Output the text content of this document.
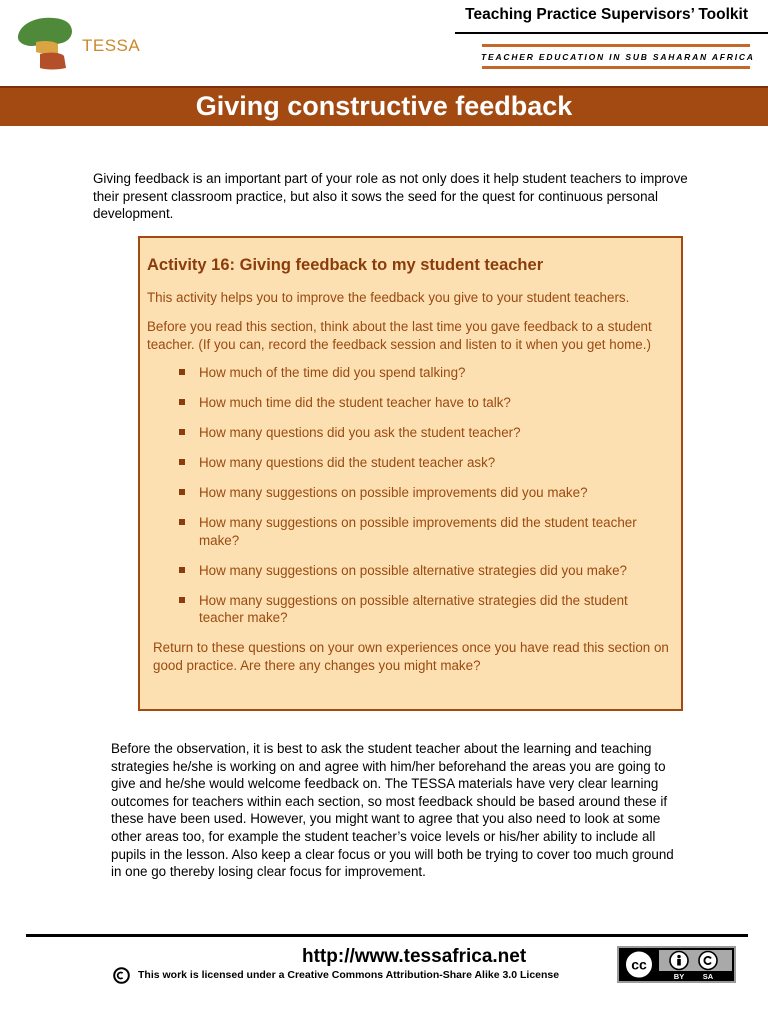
TESSA
Teaching Practice Supervisors’ Toolkit
TEACHER EDUCATION IN SUB SAHARAN AFRICA
Giving constructive feedback

Giving feedback is an important part of your role as not only does it help student teachers to improve their present classroom practice, but also it sows the seed for the quest for continuous personal development.

Activity 16: Giving feedback to my student teacher

This activity helps you to improve the feedback you give to your student teachers.

Before you read this section, think about the last time you gave feedback to a student teacher. (If you can, record the feedback session and listen to it when you get home.)

How much of the time did you spend talking?
How much time did the student teacher have to talk?
How many questions did you ask the student teacher?
How many questions did the student teacher ask?
How many suggestions on possible improvements did you make?
How many suggestions on possible improvements did the student teacher make?
How many suggestions on possible alternative strategies did you make?
How many suggestions on possible alternative strategies did the student teacher make?

Return to these questions on your own experiences once you have read this section on good practice. Are there any changes you might make?

Before the observation, it is best to ask the student teacher about the learning and teaching strategies he/she is working on and agree with him/her beforehand the areas you are going to give and he/she would welcome feedback on. The TESSA materials have very clear learning outcomes for teachers within each section, so most feedback should be based around these if these have been used. However, you might want to agree that you also need to look at some other areas too, for example the student teacher’s voice levels or his/her ability to include all pupils in the lesson. Also keep a clear focus or you will both be trying to cover too much ground in one go thereby losing clear focus for improvement.

http://www.tessafrica.net
This work is licensed under a Creative Commons Attribution-Share Alike 3.0 License
cc
BY SA
